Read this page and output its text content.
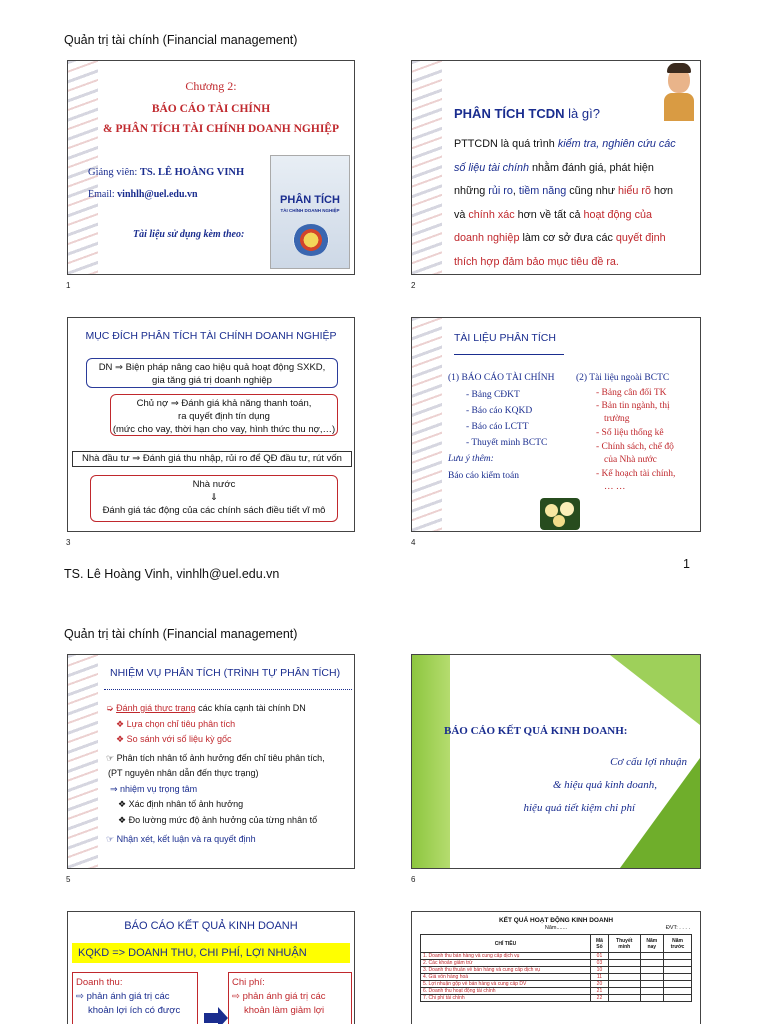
Quản trị tài chính (Financial management)
Chương 2:
BÁO CÁO TÀI CHÍNH
& PHÂN TÍCH TÀI CHÍNH DOANH NGHIỆP
Giảng viên: TS. LÊ HOÀNG VINH
Email: vinhlh@uel.edu.vn
Tài liệu sử dụng kèm theo:
PHÂN TÍCH
TÀI CHÍNH DOANH NGHIỆP
1
PHÂN TÍCH TCDN là gì?
PTTCDN là quá trình kiểm tra, nghiên cứu các
số liệu tài chính nhằm đánh giá, phát hiện
những rủi ro, tiềm năng cũng như hiểu rõ hơn
và chính xác hơn về tất cả hoạt động của
doanh nghiệp làm cơ sở đưa các quyết định
thích hợp đảm bảo mục tiêu đề ra.
2
MỤC ĐÍCH PHÂN TÍCH TÀI CHÍNH DOANH NGHIỆP
DN ⇒ Biện pháp nâng cao hiệu quả hoạt động SXKD,
gia tăng giá trị doanh nghiệp
Chủ nợ ⇒ Đánh giá khả năng thanh toán,
ra quyết định tín dụng
(mức cho vay, thời hạn cho vay, hình thức thu nợ,…)
Nhà đầu tư ⇒ Đánh giá thu nhập, rủi ro để QĐ đầu tư, rút vốn
Nhà nước
⇓
Đánh giá tác động của các chính sách điều tiết vĩ mô
3
TÀI LIỆU PHÂN TÍCH
(1) BÁO CÁO TÀI CHÍNH
- Bảng CĐKT
- Báo cáo KQKD
- Báo cáo LCTT
- Thuyết minh BCTC
Lưu ý thêm:
Báo cáo kiểm toán
(2) Tài liệu ngoài BCTC
- Bảng cân đối TK
- Bản tin ngành, thị
trường
- Số liệu thống kê
- Chính sách, chế độ
của Nhà nước
- Kế hoạch tài chính,
… …
4
TS. Lê Hoàng Vinh, vinhlh@uel.edu.vn
1
Quản trị tài chính (Financial management)
NHIỆM VỤ PHÂN TÍCH (TRÌNH TỰ PHÂN TÍCH)
➭ Đánh giá thực trạng các khía cạnh tài chính DN
❖ Lựa chọn chỉ tiêu phân tích
❖ So sánh với số liệu kỳ gốc
☞ Phân tích nhân tố ảnh hưởng đến chỉ tiêu phân tích,
(PT nguyên nhân dẫn đến thực trạng)
⇒ nhiệm vụ trọng tâm
❖ Xác định nhân tố ảnh hưởng
❖ Đo lường mức độ ảnh hưởng của từng nhân tố
☞ Nhận xét, kết luận và ra quyết định
5
BÁO CÁO KẾT QUẢ KINH DOANH:
Cơ cấu lợi nhuận
& hiệu quả kinh doanh,
hiệu quả tiết kiệm chi phí
6
BÁO CÁO KẾT QUẢ KINH DOANH
KQKD => DOANH THU, CHI PHÍ, LỢI NHUẬN
Doanh thu:
⇨ phản ánh giá trị các
khoản lợi ích có được
Chi phí:
⇨ phản ánh giá trị các
khoản làm giảm lợi
KẾT QUẢ HOẠT ĐỘNG KINH DOANH
Năm.......	ĐVT: . . . .
CHỈ TIÊU	Mã Số	Thuyết minh	Năm nay	Năm trước
1. Doanh thu bán hàng và cung cấp dịch vụ	01			
2. Các khoản giảm trừ	03			
3. Doanh thu thuần về bán hàng và cung cấp dịch vụ	10			
4. Giá vốn hàng hoá	11			
5. Lợi nhuận gộp về bán hàng và cung cấp DV	20			
6. Doanh thu hoạt động tài chính	21			
7. Chi phí tài chính	22			
